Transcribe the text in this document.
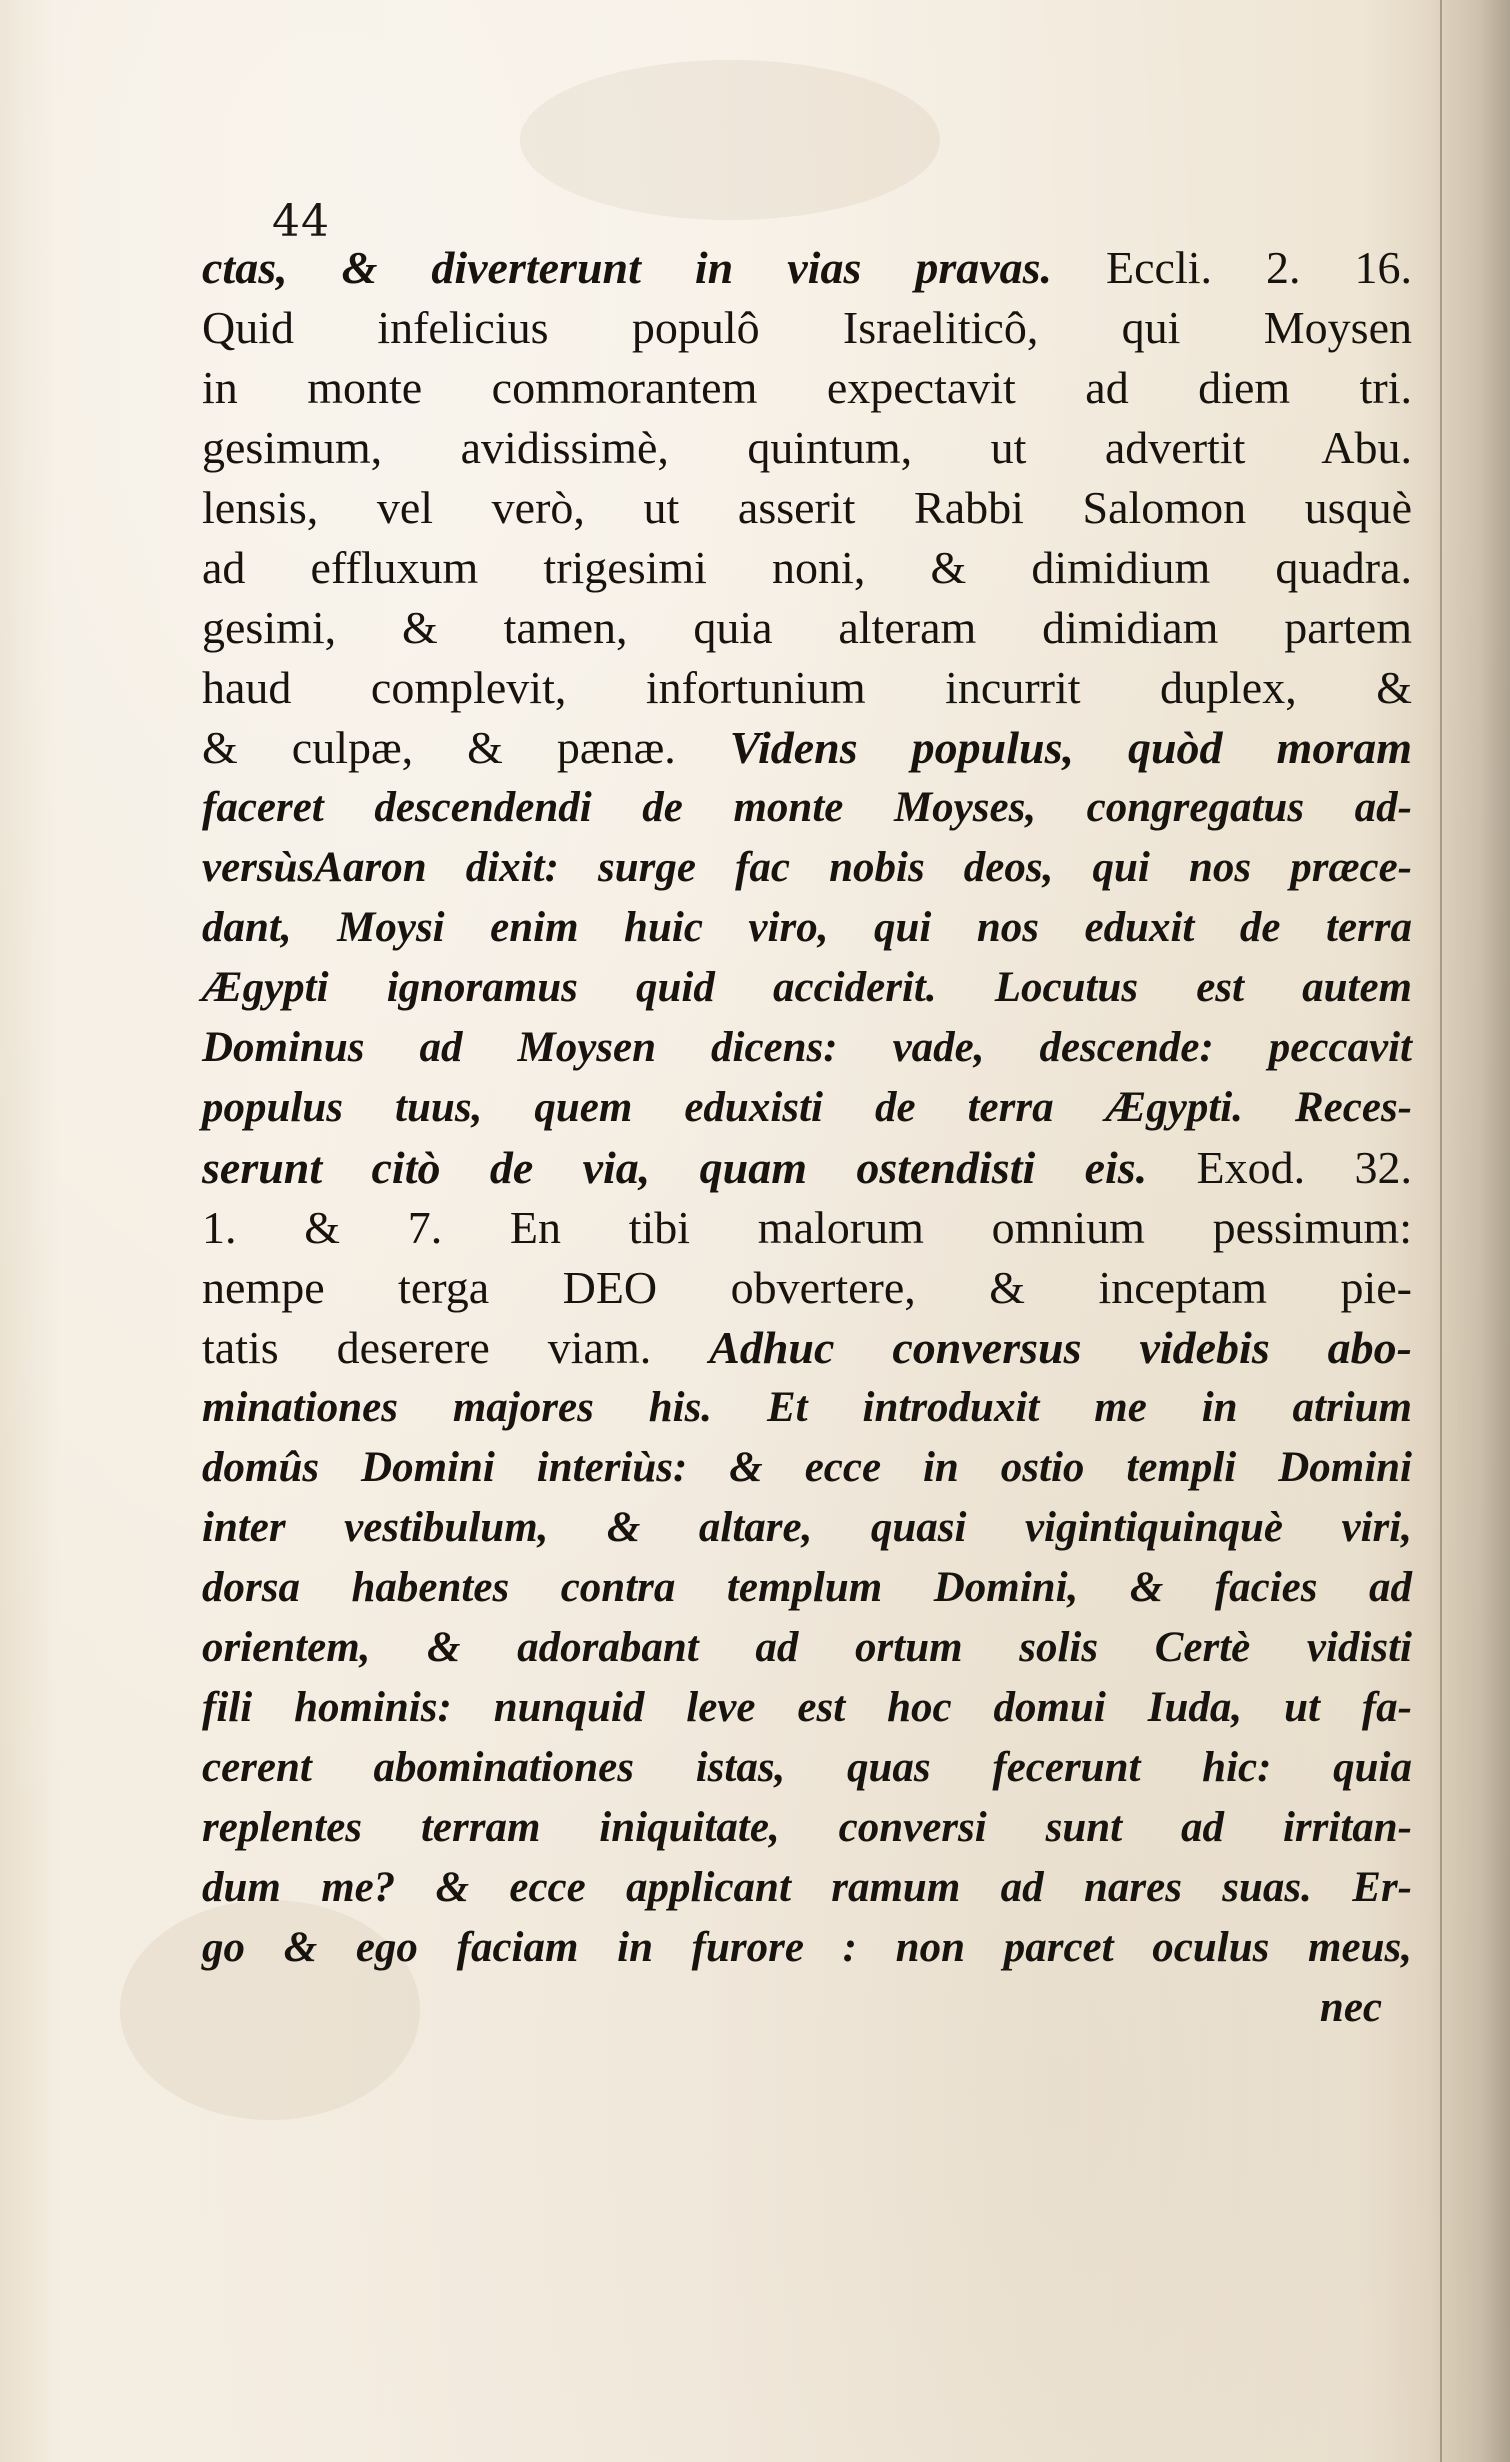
44
ctas, & diverterunt in vias pravas. Eccli. 2. 16.
Quid infelicius populô Israeliticô, qui Moysen
in monte commorantem expectavit ad diem tri.
gesimum, avidissimè, quintum, ut advertit Abu.
lensis, vel verò, ut asserit Rabbi Salomon usquè
ad effluxum trigesimi noni, & dimidium quadra.
gesimi, & tamen, quia alteram dimidiam partem
haud complevit, infortunium incurrit duplex, &
& culpæ, & pænæ. Videns populus, quòd moram
faceret descendendi de monte Moyses, congregatus ad-
versùsAaron dixit: surge fac nobis deos, qui nos præce-
dant, Moysi enim huic viro, qui nos eduxit de terra
Ægypti ignoramus quid acciderit. Locutus est autem
Dominus ad Moysen dicens: vade, descende: peccavit
populus tuus, quem eduxisti de terra Ægypti. Reces-
serunt citò de via, quam ostendisti eis. Exod. 32.
1. & 7. En tibi malorum omnium pessimum:
nempe terga DEO obvertere, & inceptam pie-
tatis deserere viam. Adhuc conversus videbis abo-
minationes majores his. Et introduxit me in atrium
domûs Domini interiùs: & ecce in ostio templi Domini
inter vestibulum, & altare, quasi vigintiquinquè viri,
dorsa habentes contra templum Domini, & facies ad
orientem, & adorabant ad ortum solis Certè vidisti
fili hominis: nunquid leve est hoc domui Iuda, ut fa-
cerent abominationes istas, quas fecerunt hic: quia
replentes terram iniquitate, conversi sunt ad irritan-
dum me? & ecce applicant ramum ad nares suas. Er-
go & ego faciam in furore : non parcet oculus meus,
nec
